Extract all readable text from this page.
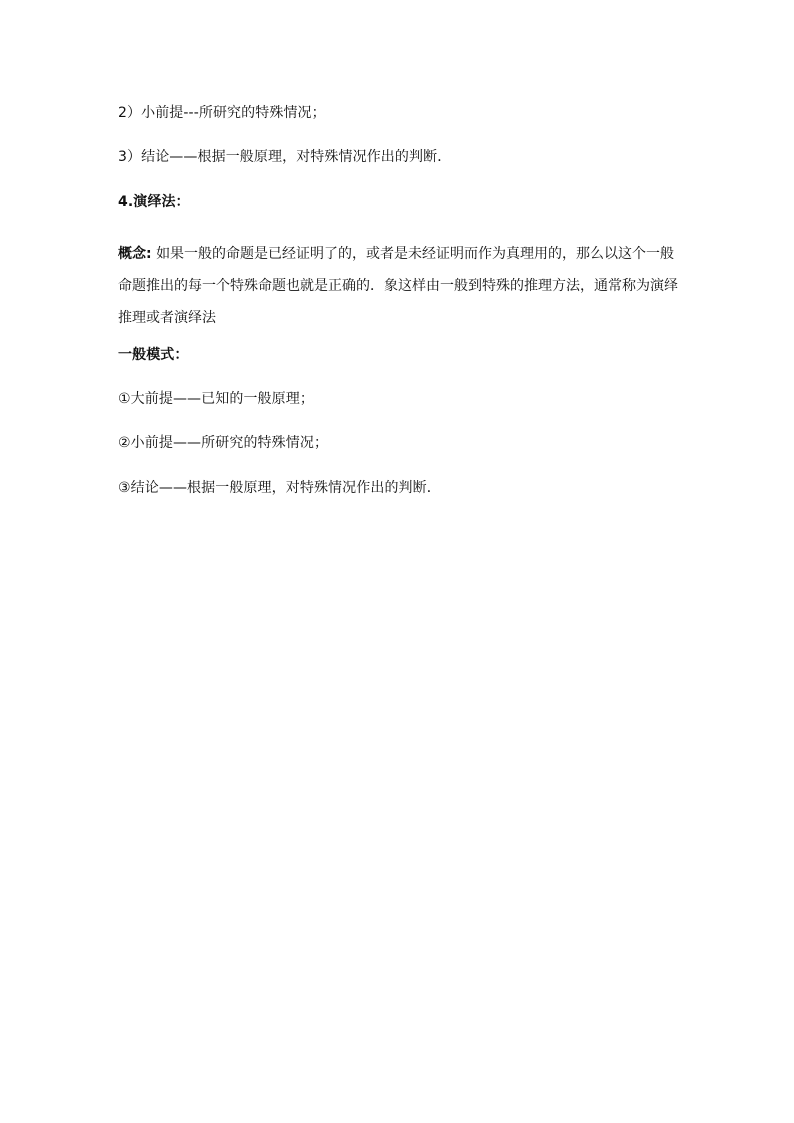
2）小前提---所研究的特殊情况；
3）结论——根据一般原理，对特殊情况作出的判断．
4.演绎法：
概念: 如果一般的命题是已经证明了的，或者是未经证明而作为真理用的，那么以这个一般
命题推出的每一个特殊命题也就是正确的．象这样由一般到特殊的推理方法，通常称为演绎
推理或者演绎法
一般模式：
①大前提——已知的一般原理；
②小前提——所研究的特殊情况；
③结论——根据一般原理，对特殊情况作出的判断．
